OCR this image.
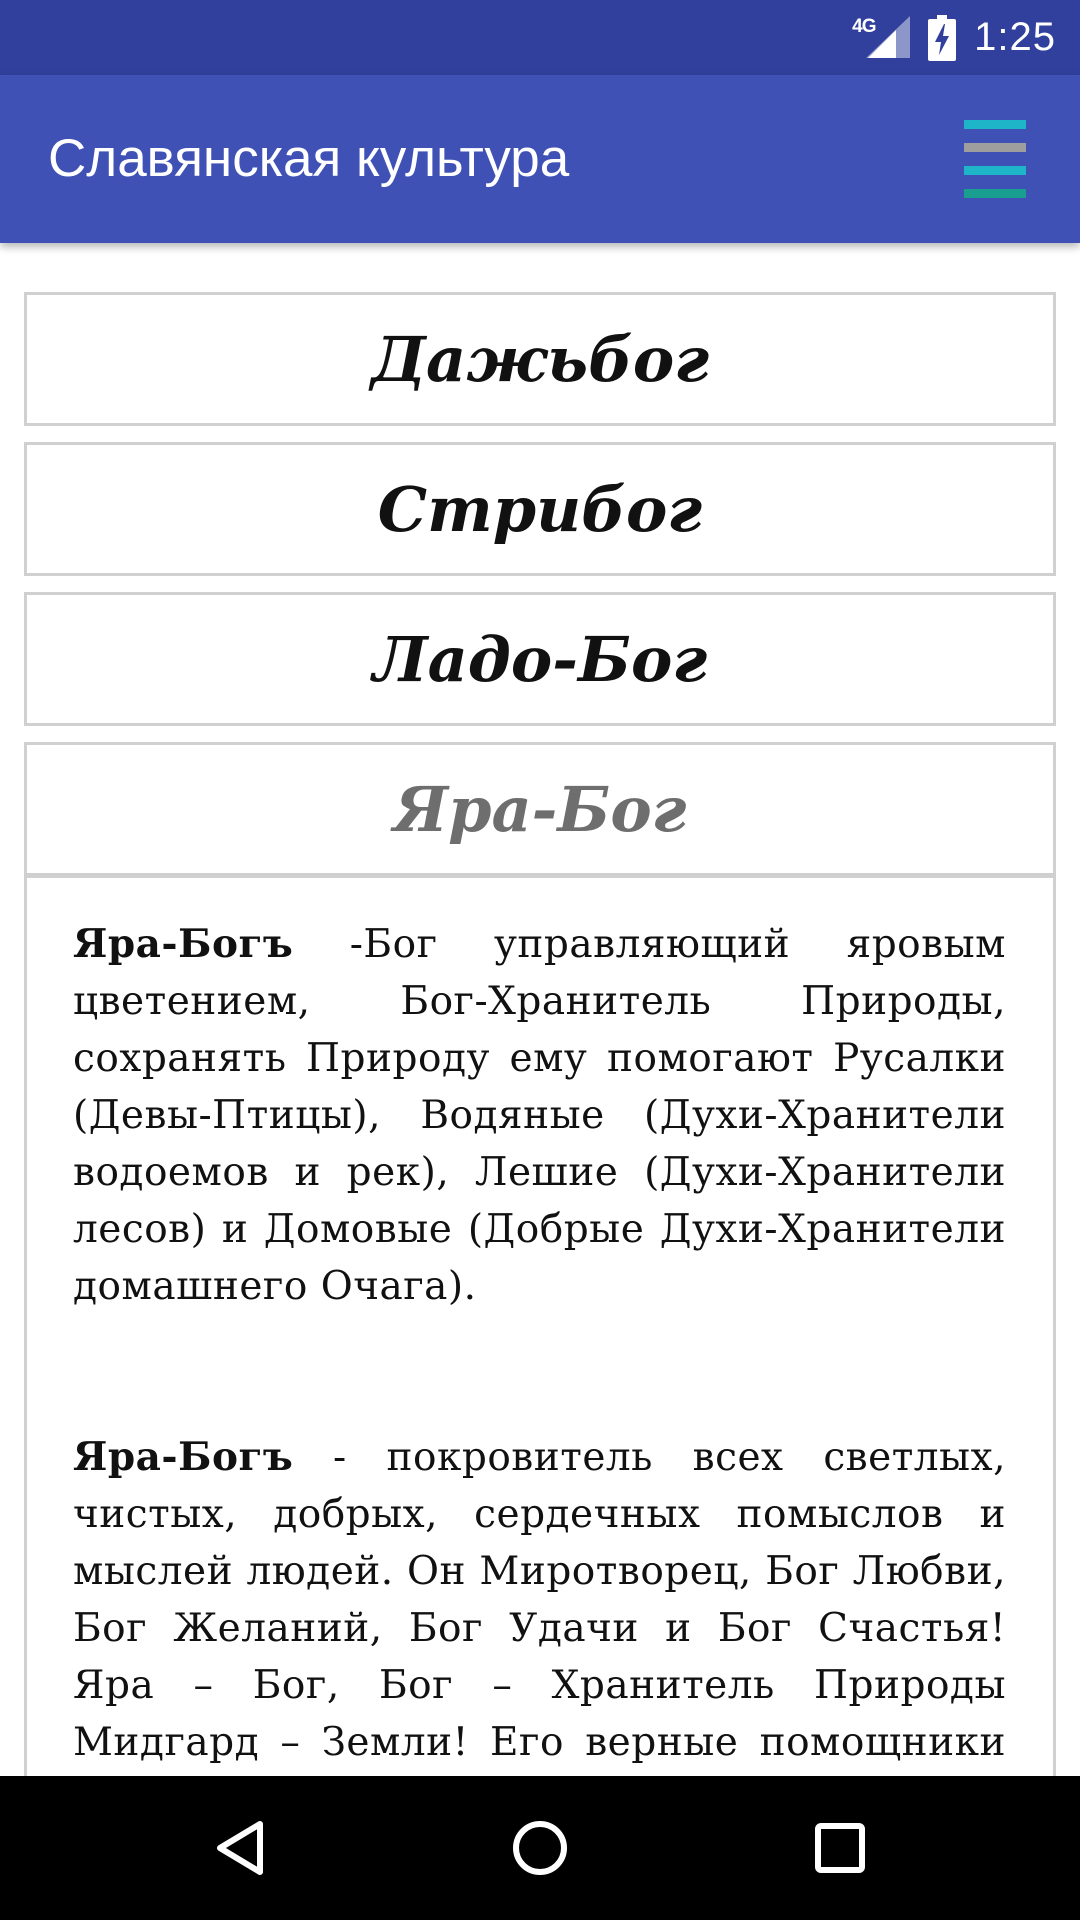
4G 1:25
Славянская культура
Дажьбог
Стрибог
Ладо-Бог
Яра-Бог

Яра-Богъ -Бог управляющий яровым цветением, Бог-Хранитель Природы, сохранять Природу ему помогают Русалки (Девы-Птицы), Водяные (Духи-Хранители водоемов и рек), Лешие (Духи-Хранители лесов) и Домовые (Добрые Духи-Хранители домашнего Очага).

Яра-Богъ - покровитель всех светлых, чистых, добрых, сердечных помыслов и мыслей людей. Он Миротворец, Бог Любви, Бог Желаний, Бог Удачи и Бог Счастья! Яра – Бог, Бог – Хранитель Природы Мидгард – Земли! Его верные помощники
